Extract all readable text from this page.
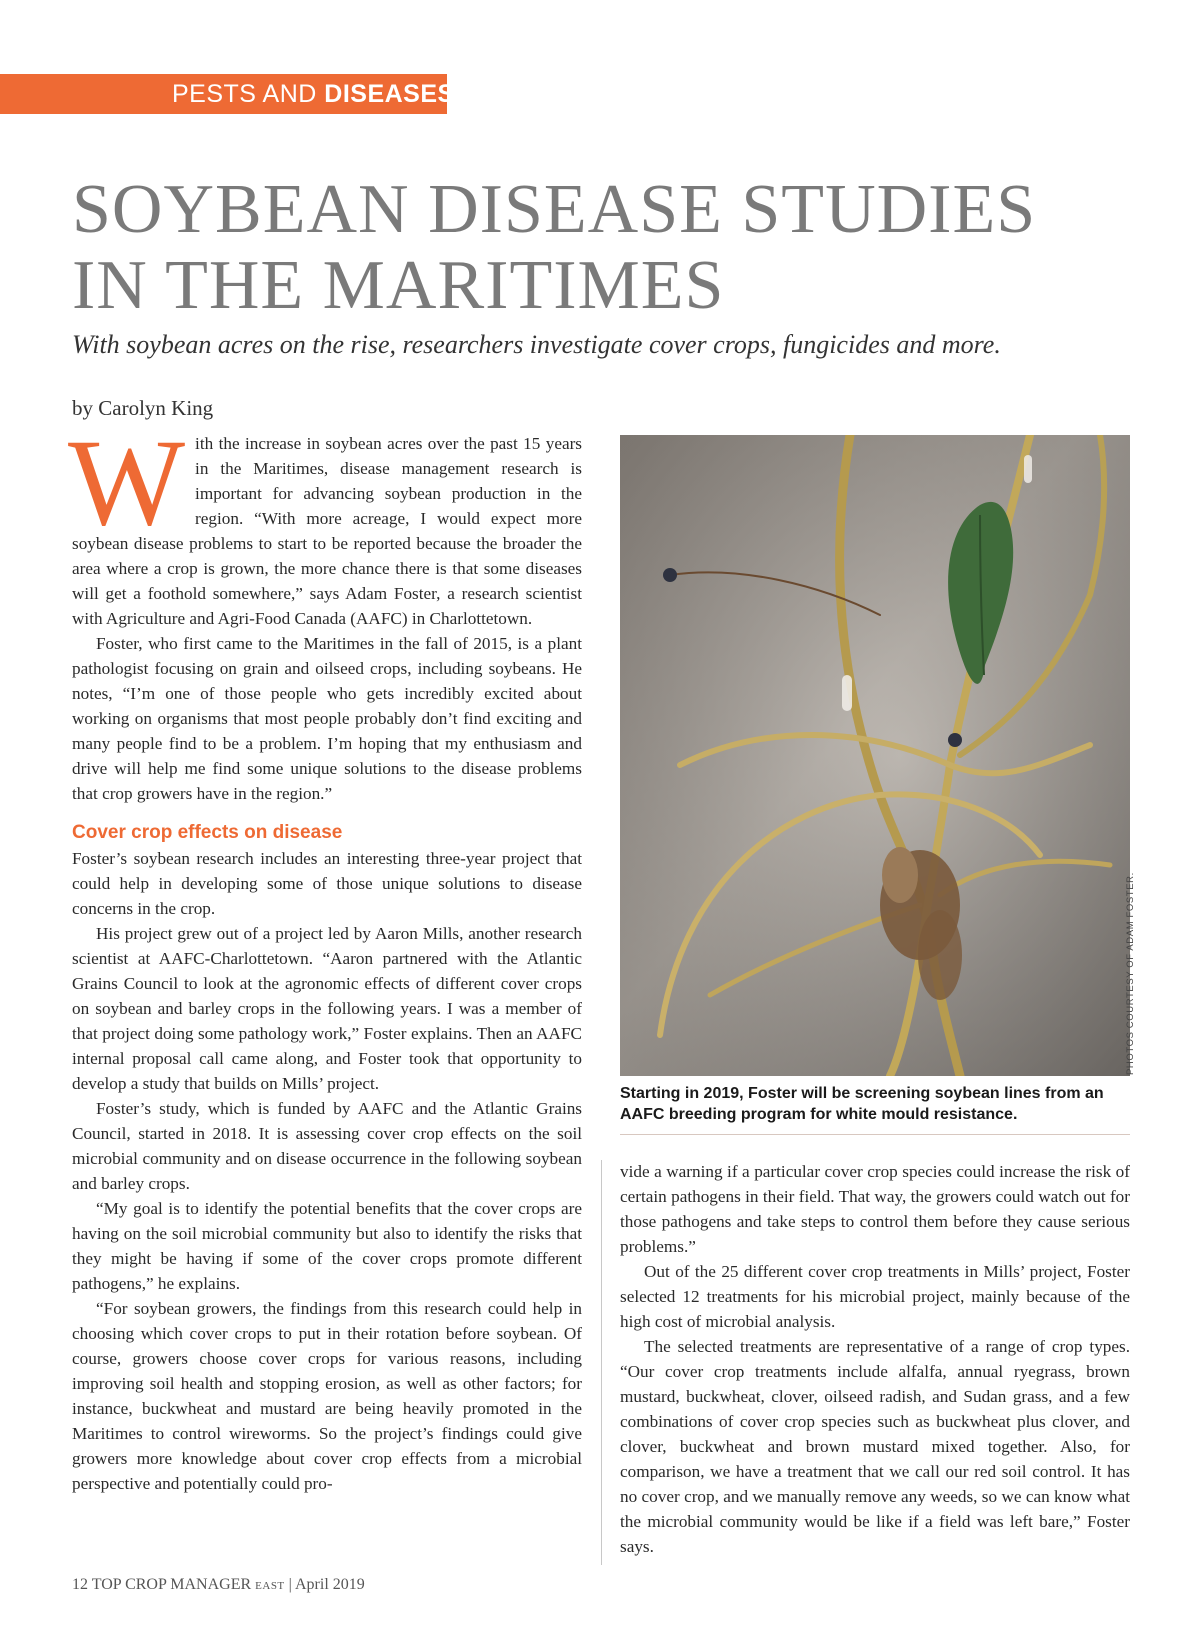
PESTS AND DISEASES
SOYBEAN DISEASE STUDIES
IN THE MARITIMES
With soybean acres on the rise, researchers investigate cover crops, fungicides and more.
by Carolyn King

With the increase in soybean acres over the past 15 years in the Maritimes, disease management research is important for advancing soybean production in the region. “With more acreage, I would expect more soybean disease problems to start to be reported because the broader the area where a crop is grown, the more chance there is that some diseases will get a foothold somewhere,” says Adam Foster, a research scientist with Agriculture and Agri-Food Canada (AAFC) in Charlottetown.

Foster, who first came to the Maritimes in the fall of 2015, is a plant pathologist focusing on grain and oilseed crops, including soybeans. He notes, “I’m one of those people who gets incredibly excited about working on organisms that most people probably don’t find exciting and many people find to be a problem. I’m hoping that my enthusiasm and drive will help me find some unique solutions to the disease problems that crop growers have in the region.”

Cover crop effects on disease

Foster’s soybean research includes an interesting three-year project that could help in developing some of those unique solutions to disease concerns in the crop.

His project grew out of a project led by Aaron Mills, another research scientist at AAFC-Charlottetown. “Aaron partnered with the Atlantic Grains Council to look at the agronomic effects of different cover crops on soybean and barley crops in the following years. I was a member of that project doing some pathology work,” Foster explains. Then an AAFC internal proposal call came along, and Foster took that opportunity to develop a study that builds on Mills’ project.

Foster’s study, which is funded by AAFC and the Atlantic Grains Council, started in 2018. It is assessing cover crop effects on the soil microbial community and on disease occurrence in the following soybean and barley crops.

“My goal is to identify the potential benefits that the cover crops are having on the soil microbial community but also to identify the risks that they might be having if some of the cover crops promote different pathogens,” he explains.

“For soybean growers, the findings from this research could help in choosing which cover crops to put in their rotation before soybean. Of course, growers choose cover crops for various reasons, including improving soil health and stopping erosion, as well as other factors; for instance, buckwheat and mustard are being heavily promoted in the Maritimes to control wireworms. So the project’s findings could give growers more knowledge about cover crop effects from a microbial perspective and potentially could pro-

PHOTOS COURTESY OF ADAM FOSTER.
Starting in 2019, Foster will be screening soybean lines from an AAFC breeding program for white mould resistance.

vide a warning if a particular cover crop species could increase the risk of certain pathogens in their field. That way, the growers could watch out for those pathogens and take steps to control them before they cause serious problems.”

Out of the 25 different cover crop treatments in Mills’ project, Foster selected 12 treatments for his microbial project, mainly because of the high cost of microbial analysis.

The selected treatments are representative of a range of crop types. “Our cover crop treatments include alfalfa, annual ryegrass, brown mustard, buckwheat, clover, oilseed radish, and Sudan grass, and a few combinations of cover crop species such as buckwheat plus clover, and clover, buckwheat and brown mustard mixed together. Also, for comparison, we have a treatment that we call our red soil control. It has no cover crop, and we manually remove any weeds, so we can know what the microbial community would be like if a field was left bare,” Foster says.

12 TOP CROP MANAGER EAST | April 2019
